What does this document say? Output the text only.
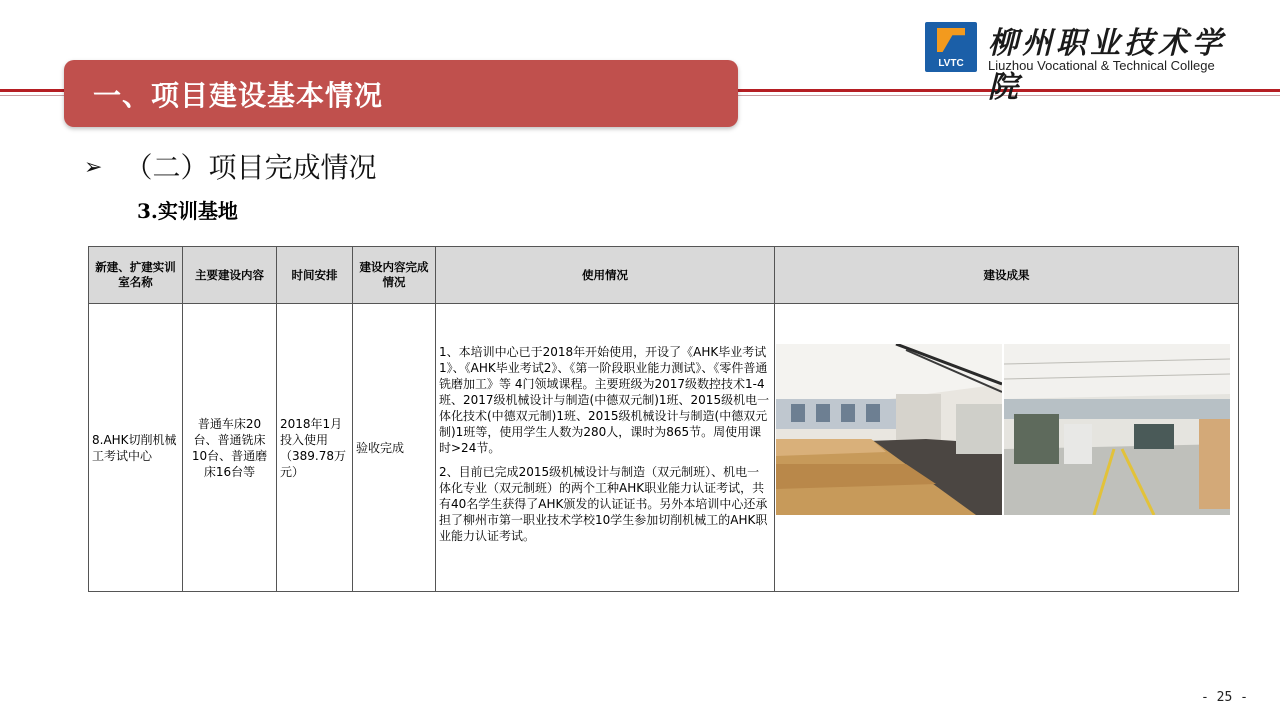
一、项目建设基本情况
LVTC
柳州职业技术学院
Liuzhou Vocational & Technical College
➢ （二）项目完成情况
3.实训基地
新建、扩建实训室名称	主要建设内容	时间安排	建设内容完成情况	使用情况	建设成果
8.AHK切削机械工考试中心	普通车床20台、普通铣床10台、普通磨床16台等	2018年1月投入使用（389.78万元）	验收完成	1、本培训中心已于2018年开始使用，开设了《AHK毕业考试1》、《AHK毕业考试2》、《第一阶段职业能力测试》、《零件普通铣磨加工》等 4门领域课程。主要班级为2017级数控技术1-4班、2017级机械设计与制造(中德双元制)1班、2015级机电一体化技术(中德双元制)1班、2015级机械设计与制造(中德双元制)1班等，使用学生人数为280人，课时为865节。周使用课时>24节。

2、目前已完成2015级机械设计与制造（双元制班）、机电一体化专业（双元制班）的两个工种AHK职业能力认证考试，共有40名学生获得了AHK颁发的认证证书。另外本培训中心还承担了柳州市第一职业技术学校10学生参加切削机械工的AHK职业能力认证考试。

- 25 -
